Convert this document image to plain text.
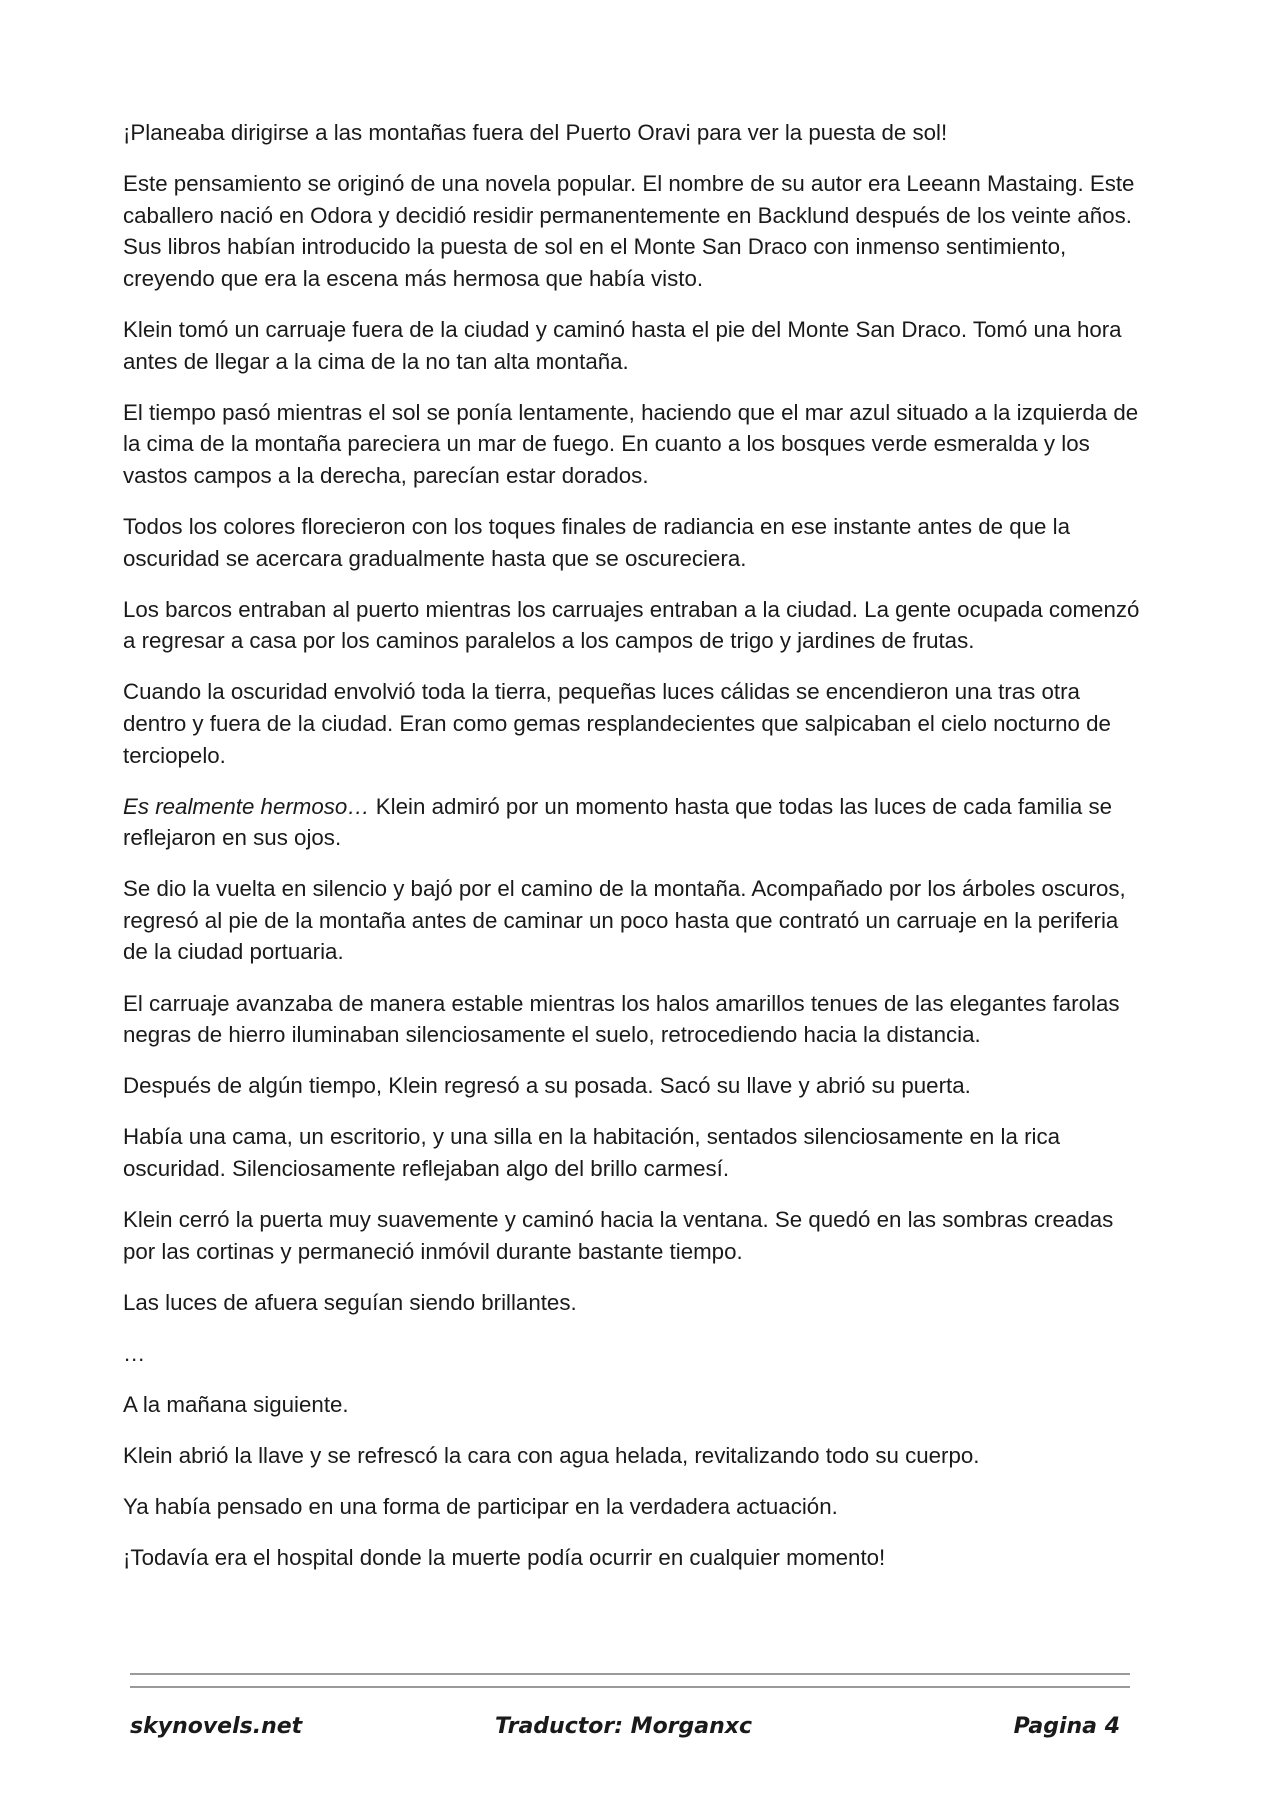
¡Planeaba dirigirse a las montañas fuera del Puerto Oravi para ver la puesta de sol!

Este pensamiento se originó de una novela popular. El nombre de su autor era Leeann Mastaing. Este caballero nació en Odora y decidió residir permanentemente en Backlund después de los veinte años. Sus libros habían introducido la puesta de sol en el Monte San Draco con inmenso sentimiento, creyendo que era la escena más hermosa que había visto.

Klein tomó un carruaje fuera de la ciudad y caminó hasta el pie del Monte San Draco. Tomó una hora antes de llegar a la cima de la no tan alta montaña.

El tiempo pasó mientras el sol se ponía lentamente, haciendo que el mar azul situado a la izquierda de la cima de la montaña pareciera un mar de fuego. En cuanto a los bosques verde esmeralda y los vastos campos a la derecha, parecían estar dorados.

Todos los colores florecieron con los toques finales de radiancia en ese instante antes de que la oscuridad se acercara gradualmente hasta que se oscureciera.

Los barcos entraban al puerto mientras los carruajes entraban a la ciudad. La gente ocupada comenzó a regresar a casa por los caminos paralelos a los campos de trigo y jardines de frutas.

Cuando la oscuridad envolvió toda la tierra, pequeñas luces cálidas se encendieron una tras otra dentro y fuera de la ciudad. Eran como gemas resplandecientes que salpicaban el cielo nocturno de terciopelo.

Es realmente hermoso… Klein admiró por un momento hasta que todas las luces de cada familia se reflejaron en sus ojos.

Se dio la vuelta en silencio y bajó por el camino de la montaña. Acompañado por los árboles oscuros, regresó al pie de la montaña antes de caminar un poco hasta que contrató un carruaje en la periferia de la ciudad portuaria.

El carruaje avanzaba de manera estable mientras los halos amarillos tenues de las elegantes farolas negras de hierro iluminaban silenciosamente el suelo, retrocediendo hacia la distancia.

Después de algún tiempo, Klein regresó a su posada. Sacó su llave y abrió su puerta.

Había una cama, un escritorio, y una silla en la habitación, sentados silenciosamente en la rica oscuridad. Silenciosamente reflejaban algo del brillo carmesí.

Klein cerró la puerta muy suavemente y caminó hacia la ventana. Se quedó en las sombras creadas por las cortinas y permaneció inmóvil durante bastante tiempo.

Las luces de afuera seguían siendo brillantes.

…

A la mañana siguiente.

Klein abrió la llave y se refrescó la cara con agua helada, revitalizando todo su cuerpo.

Ya había pensado en una forma de participar en la verdadera actuación.

¡Todavía era el hospital donde la muerte podía ocurrir en cualquier momento!

skynovels.net	Traductor: Morganxc	Pagina 4
